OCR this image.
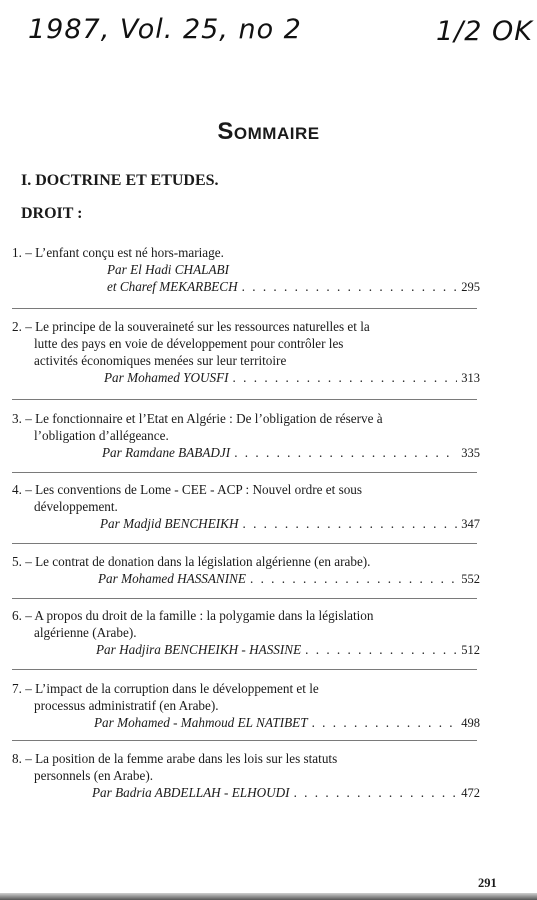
1987, Vol. 25, no 2	1/2 OK
Sommaire
I. DOCTRINE ET ETUDES.
DROIT :
1. – L’enfant conçu est né hors-mariage.
Par El Hadi CHALABI
et Charef MEKARBECH . . .	295
2. – Le principe de la souveraineté sur les ressources naturelles et la
lutte des pays en voie de développement pour contrôler les
activités économiques menées sur leur territoire
Par Mohamed YOUSFI . . .	313
3. – Le fonctionnaire et l’Etat en Algérie : De l’obligation de réserve à
l’obligation d’allégeance.
Par Ramdane BABADJI . . .	335
4. – Les conventions de Lome - CEE - ACP : Nouvel ordre et sous
développement.
Par Madjid BENCHEIKH . . .	347
5. – Le contrat de donation dans la législation algérienne (en arabe).
Par Mohamed HASSANINE . . .	552
6. – A propos du droit de la famille : la polygamie dans la législation
algérienne (Arabe).
Par Hadjira BENCHEIKH - HASSINE . . .	512
7. – L’impact de la corruption dans le développement et le
processus administratif (en Arabe).
Par Mohamed - Mahmoud EL NATIBET . . .	498
8. – La position de la femme arabe dans les lois sur les statuts
personnels (en Arabe).
Par Badria ABDELLAH - ELHOUDI . . .	472
291
